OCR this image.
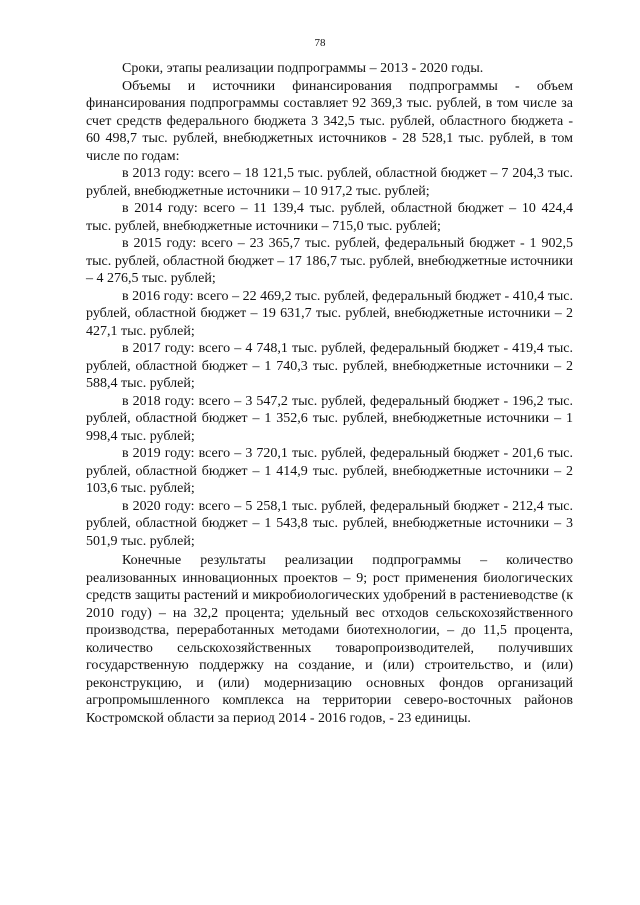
78

Сроки, этапы реализации подпрограммы – 2013 - 2020 годы.

Объемы и источники финансирования подпрограммы - объем финансирования подпрограммы составляет 92 369,3 тыс. рублей, в том числе за счет средств федерального бюджета 3 342,5 тыс. рублей, областного бюджета - 60 498,7 тыс. рублей, внебюджетных источников - 28 528,1 тыс. рублей, в том числе по годам:

в 2013 году: всего – 18 121,5 тыс. рублей, областной бюджет – 7 204,3 тыс. рублей, внебюджетные источники – 10 917,2 тыс. рублей;

в 2014 году: всего – 11 139,4 тыс. рублей, областной бюджет – 10 424,4 тыс. рублей, внебюджетные источники – 715,0 тыс. рублей;

в 2015 году: всего – 23 365,7 тыс. рублей, федеральный бюджет - 1 902,5 тыс. рублей, областной бюджет – 17 186,7 тыс. рублей, внебюджетные источники – 4 276,5 тыс. рублей;

в 2016 году: всего – 22 469,2 тыс. рублей, федеральный бюджет - 410,4 тыс. рублей, областной бюджет – 19 631,7 тыс. рублей, внебюджетные источники – 2 427,1 тыс. рублей;

в 2017 году: всего – 4 748,1 тыс. рублей, федеральный бюджет - 419,4 тыс. рублей, областной бюджет – 1 740,3 тыс. рублей, внебюджетные источники – 2 588,4 тыс. рублей;

в 2018 году: всего – 3 547,2 тыс. рублей, федеральный бюджет - 196,2 тыс. рублей, областной бюджет – 1 352,6 тыс. рублей, внебюджетные источники – 1 998,4 тыс. рублей;

в 2019 году: всего – 3 720,1 тыс. рублей, федеральный бюджет - 201,6 тыс. рублей, областной бюджет – 1 414,9 тыс. рублей, внебюджетные источники – 2 103,6 тыс. рублей;

в 2020 году: всего – 5 258,1 тыс. рублей, федеральный бюджет - 212,4 тыс. рублей, областной бюджет – 1 543,8 тыс. рублей, внебюджетные источники – 3 501,9 тыс. рублей;

Конечные результаты реализации подпрограммы – количество реализованных инновационных проектов – 9; рост применения биологических средств защиты растений и микробиологических удобрений в растениеводстве (к 2010 году) – на 32,2 процента; удельный вес отходов сельскохозяйственного производства, переработанных методами биотехнологии, – до 11,5 процента, количество сельскохозяйственных товаропроизводителей, получивших государственную поддержку на создание, и (или) строительство, и (или) реконструкцию, и (или) модернизацию основных фондов организаций агропромышленного комплекса на территории северо-восточных районов Костромской области за период 2014 - 2016 годов, - 23 единицы.
